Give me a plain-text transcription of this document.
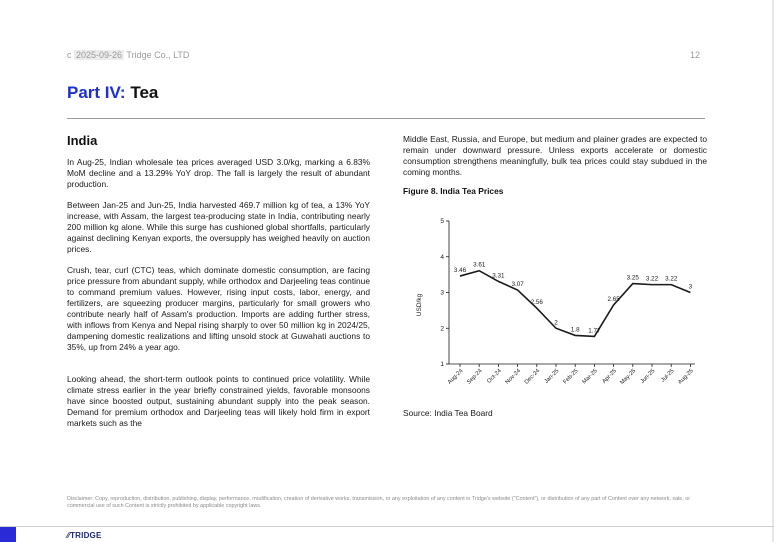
c 2025-09-26 Tridge Co., LTD	12
Part IV: Tea
India

In Aug-25, Indian wholesale tea prices averaged USD 3.0/kg, marking a 6.83% MoM decline and a 13.29% YoY drop. The fall is largely the result of abundant production.

Between Jan-25 and Jun-25, India harvested 469.7 million kg of tea, a 13% YoY increase, with Assam, the largest tea-producing state in India, contributing nearly 200 million kg alone. While this surge has cushioned global shortfalls, particularly against declining Kenyan exports, the oversupply has weighed heavily on auction prices.

Crush, tear, curl (CTC) teas, which dominate domestic consumption, are facing price pressure from abundant supply, while orthodox and Darjeeling teas continue to command premium values. However, rising input costs, labor, energy, and fertilizers, are squeezing producer margins, particularly for small growers who contribute nearly half of Assam's production. Imports are adding further stress, with inflows from Kenya and Nepal rising sharply to over 50 million kg in 2024/25, dampening domestic realizations and lifting unsold stock at Guwahati auctions to 35%, up from 24% a year ago.

Looking ahead, the short-term outlook points to continued price volatility. While climate stress earlier in the year briefly constrained yields, favorable monsoons have since boosted output, sustaining abundant supply into the peak season. Demand for premium orthodox and Darjeeling teas will likely hold firm in export markets such as the

Middle East, Russia, and Europe, but medium and plainer grades are expected to remain under downward pressure. Unless exports accelerate or domestic consumption strengthens meaningfully, bulk tea prices could stay subdued in the coming months.

Figure 8. India Tea Prices
1
2
3
4
5
Aug-24 Sep-24 Oct-24 Nov-24 Dec-24 Jan-25 Feb-25 Mar-25 Apr-25 May-25 Jun-25 Jul-25 Aug-25
USD/kg
3.46
3.61
3.31
3.07
2.56
2
1.8 1.77
2.65
3.25 3.22 3.22
3
Source: India Tea Board

Disclaimer: Copy, reproduction, distribution, publishing, display, performance, modification, creation of derivative works, transmission, or any exploitation of any content in Tridge's website ("Content"), or distribution of any part of Content over any network, sale, or commercial use of such Content is strictly prohibited by applicable copyright laws.

⁄⁄TRIDGE
